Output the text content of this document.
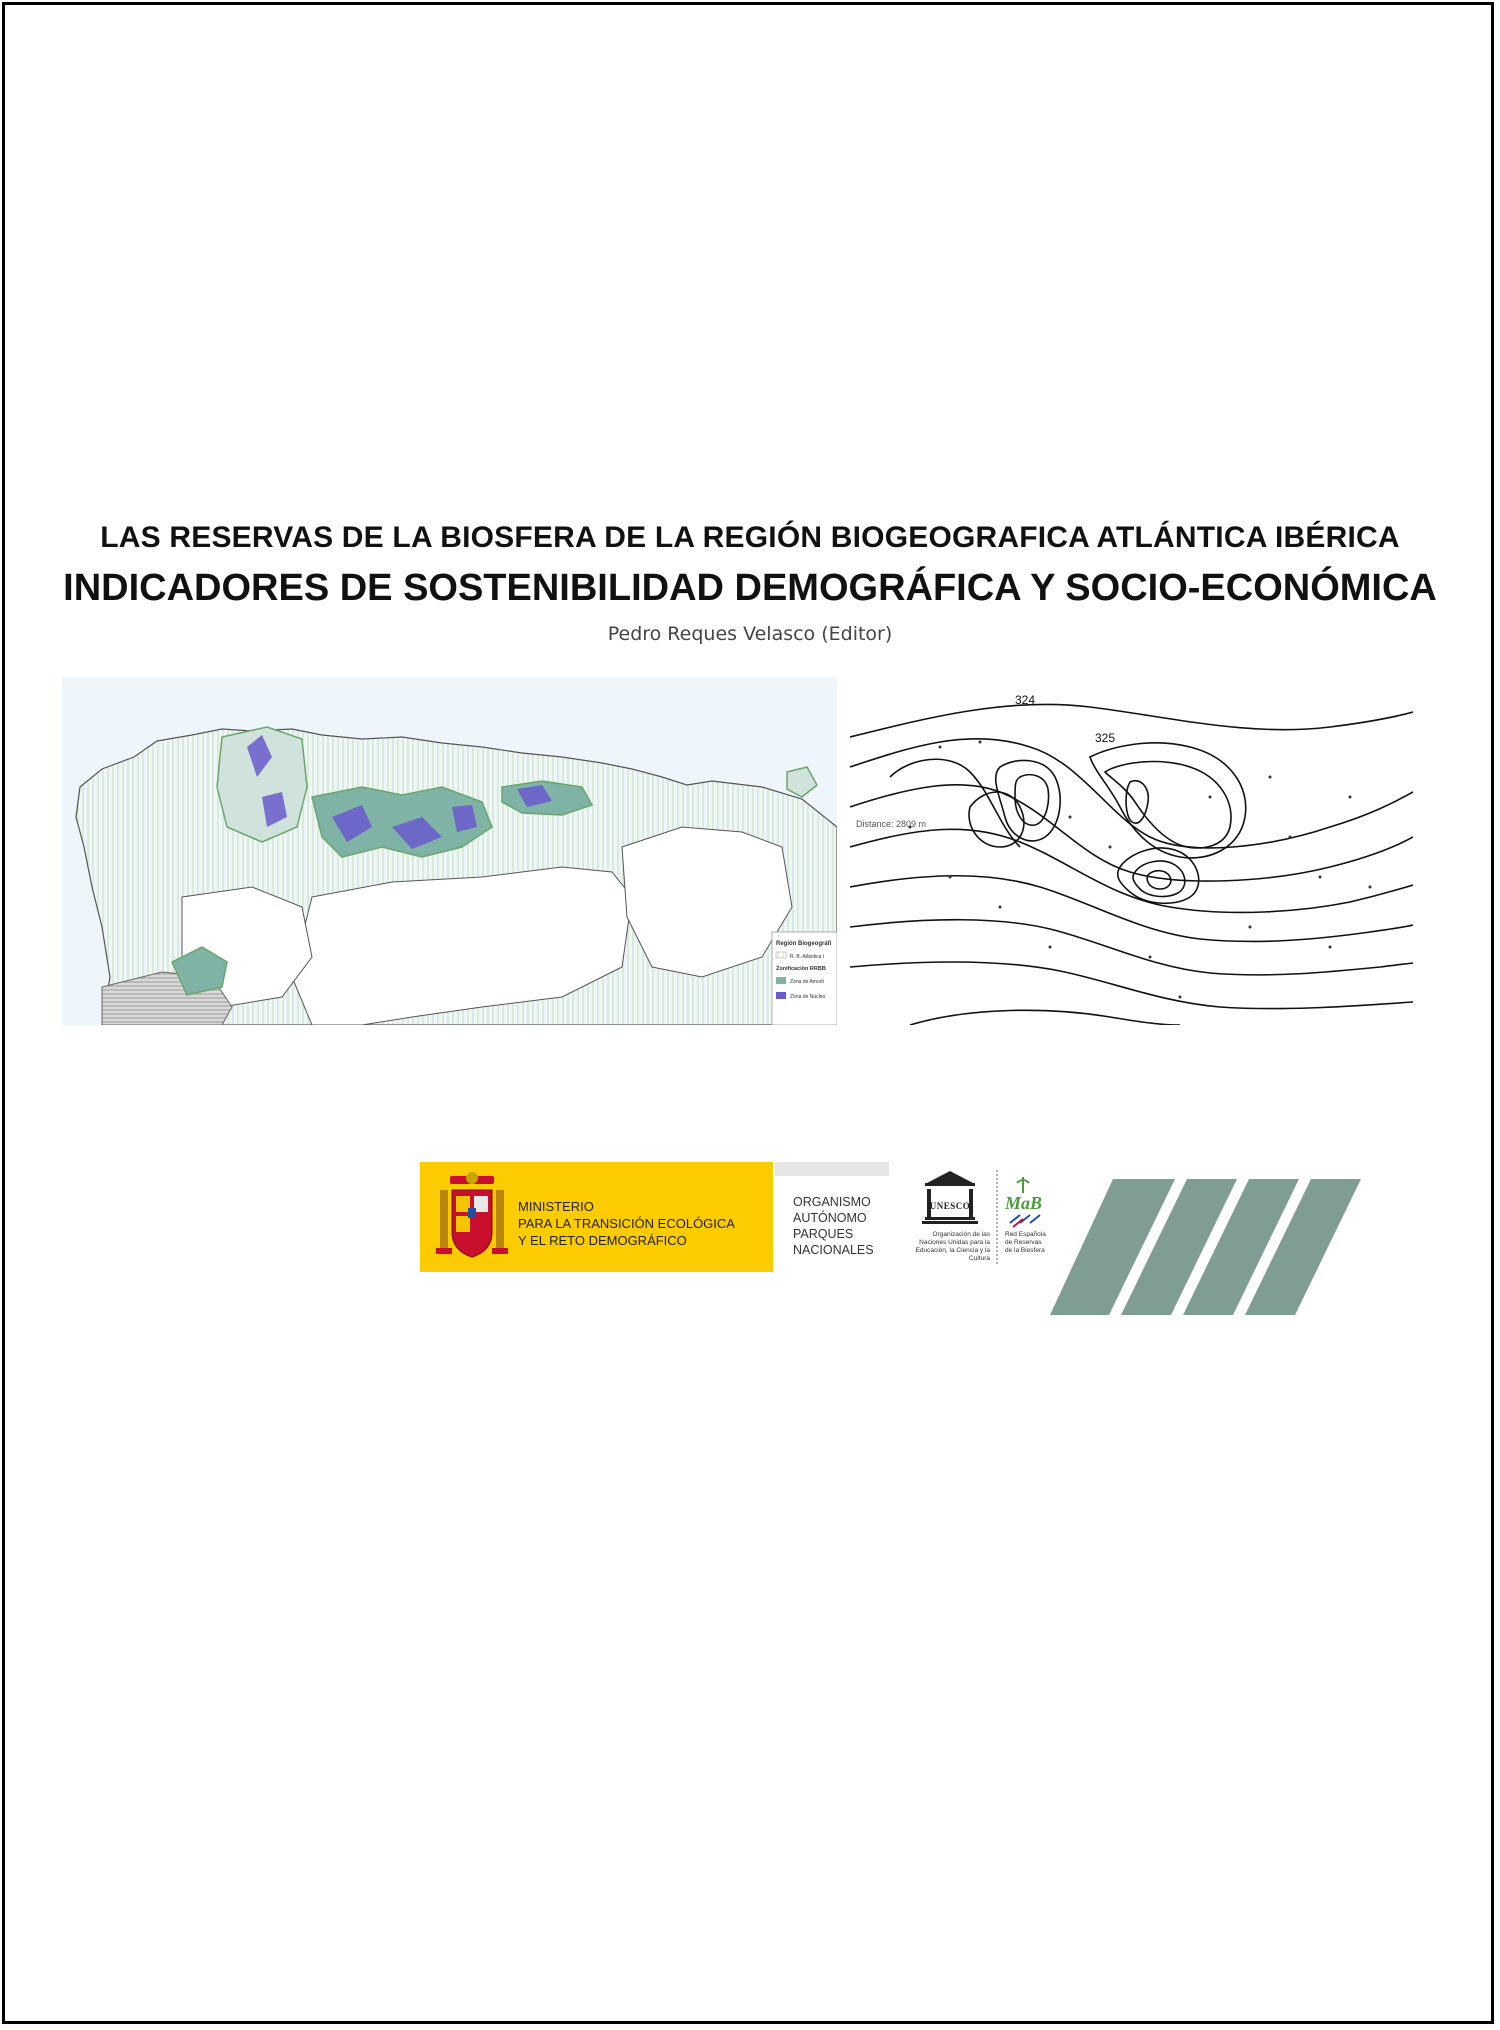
LAS RESERVAS DE LA BIOSFERA DE LA REGIÓN BIOGEOGRAFICA ATLÁNTICA IBÉRICA

INDICADORES DE SOSTENIBILIDAD DEMOGRÁFICA Y SOCIO-ECONÓMICA

Pedro Reques Velasco (Editor)

Región Biogeográfi
R. B. Atlántica I
Zonificación RRBB
Zona de Amorti
Zona de Núcleo
324
325
Distance: 2809 m
MINISTERIO
PARA LA TRANSICIÓN ECOLÓGICA
Y EL RETO DEMOGRÁFICO
ORGANISMO
AUTÓNOMO
PARQUES
NACIONALES
UNESCO MaB
Organización de las Naciones Unidas para la Educación, la Ciencia y la Cultura
Red Española de Reservas de la Biosfera
